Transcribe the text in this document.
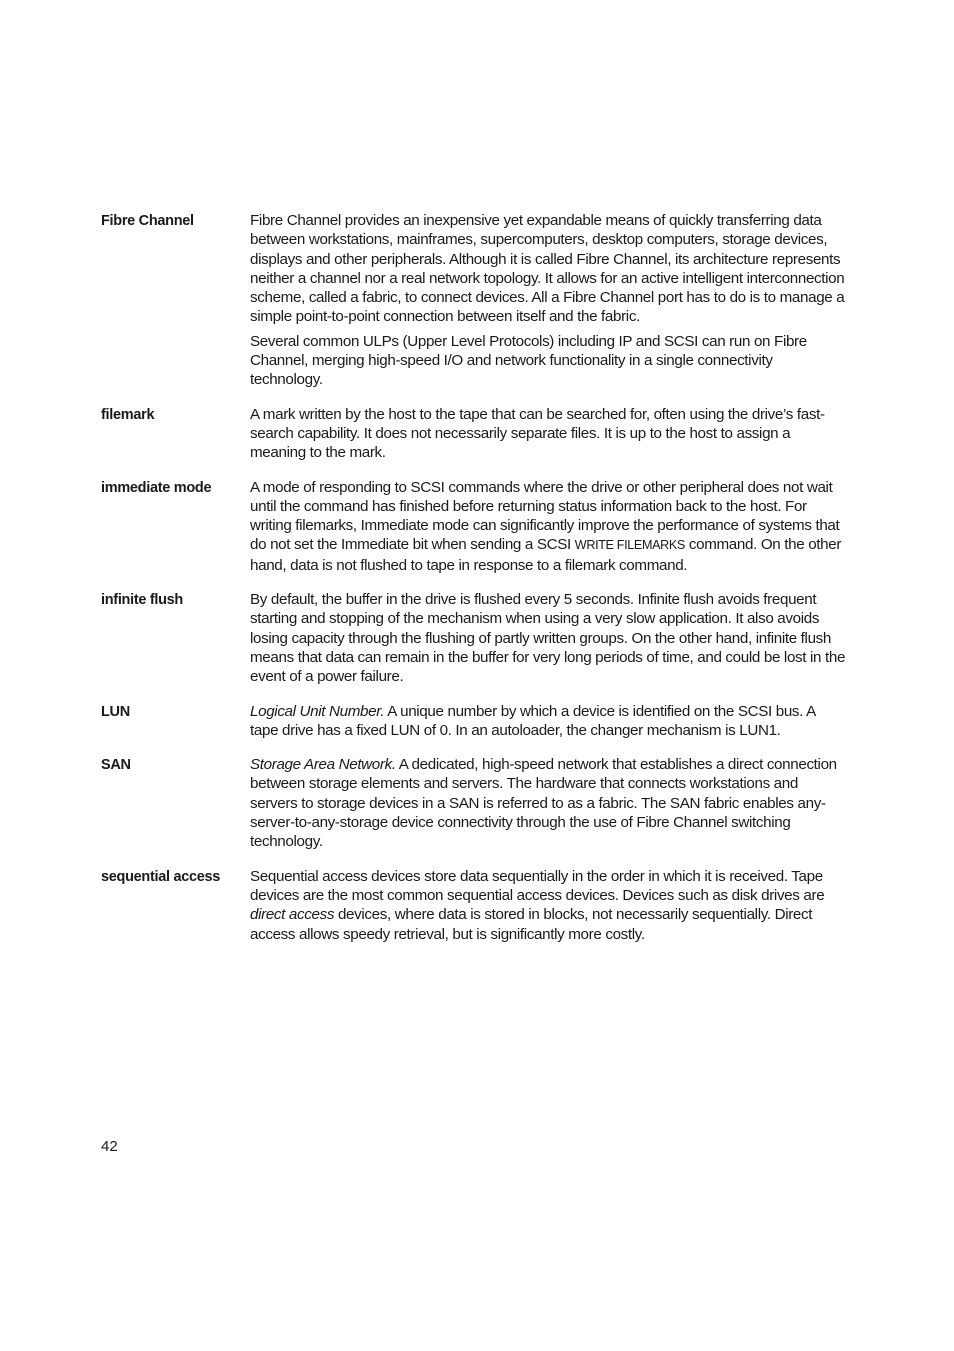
Fibre Channel	Fibre Channel provides an inexpensive yet expandable means of quickly transferring data between workstations, mainframes, supercomputers, desktop computers, storage devices, displays and other peripherals. Although it is called Fibre Channel, its architecture represents neither a channel nor a real network topology. It allows for an active intelligent interconnection scheme, called a fabric, to connect devices. All a Fibre Channel port has to do is to manage a simple point-to-point connection between itself and the fabric.

Several common ULPs (Upper Level Protocols) including IP and SCSI can run on Fibre Channel, merging high-speed I/O and network functionality in a single connectivity technology.

filemark	A mark written by the host to the tape that can be searched for, often using the drive’s fast-search capability. It does not necessarily separate files. It is up to the host to assign a meaning to the mark.

immediate mode	A mode of responding to SCSI commands where the drive or other peripheral does not wait until the command has finished before returning status information back to the host. For writing filemarks, Immediate mode can significantly improve the performance of systems that do not set the Immediate bit when sending a SCSI WRITE FILEMARKS command. On the other hand, data is not flushed to tape in response to a filemark command.

infinite flush	By default, the buffer in the drive is flushed every 5 seconds. Infinite flush avoids frequent starting and stopping of the mechanism when using a very slow application. It also avoids losing capacity through the flushing of partly written groups. On the other hand, infinite flush means that data can remain in the buffer for very long periods of time, and could be lost in the event of a power failure.

LUN	Logical Unit Number. A unique number by which a device is identified on the SCSI bus. A tape drive has a fixed LUN of 0. In an autoloader, the changer mechanism is LUN1.

SAN	Storage Area Network. A dedicated, high-speed network that establishes a direct connection between storage elements and servers. The hardware that connects workstations and servers to storage devices in a SAN is referred to as a fabric. The SAN fabric enables any-server-to-any-storage device connectivity through the use of Fibre Channel switching technology.

sequential access	Sequential access devices store data sequentially in the order in which it is received. Tape devices are the most common sequential access devices. Devices such as disk drives are direct access devices, where data is stored in blocks, not necessarily sequentially. Direct access allows speedy retrieval, but is significantly more costly.

42
